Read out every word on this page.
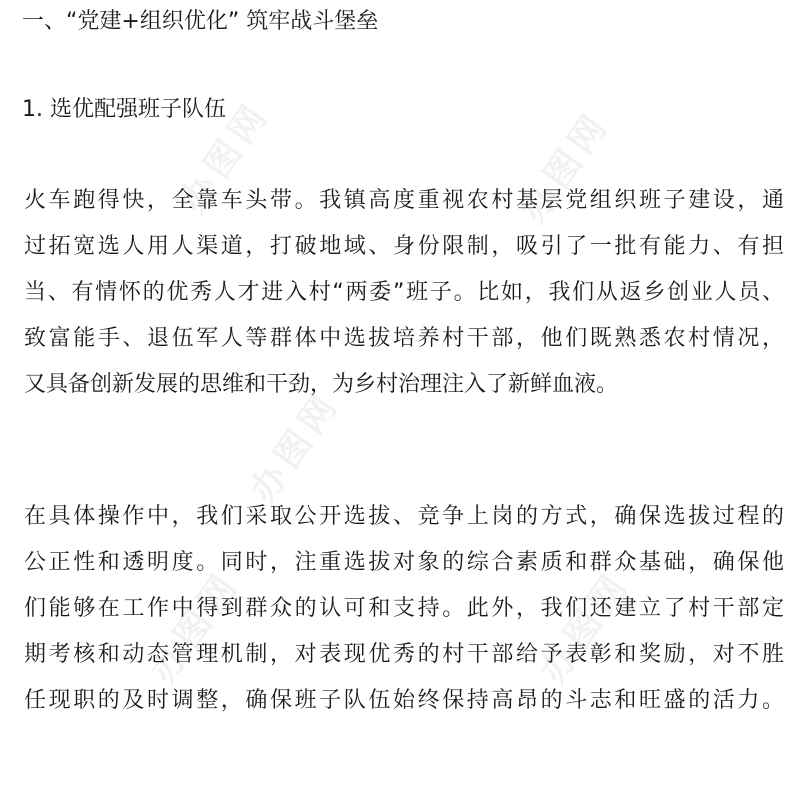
办图网	办图网
办图网
办图网
办图网
一、“党建+组织优化” 筑牢战斗堡垒
1. 选优配强班子队伍

火车跑得快，全靠车头带。我镇高度重视农村基层党组织班子建设，通
过拓宽选人用人渠道，打破地域、身份限制，吸引了一批有能力、有担
当、有情怀的优秀人才进入村“两委”班子。比如，我们从返乡创业人员、
致富能手、退伍军人等群体中选拔培养村干部，他们既熟悉农村情况，
又具备创新发展的思维和干劲，为乡村治理注入了新鲜血液。

在具体操作中，我们采取公开选拔、竞争上岗的方式，确保选拔过程的
公正性和透明度。同时，注重选拔对象的综合素质和群众基础，确保他
们能够在工作中得到群众的认可和支持。此外，我们还建立了村干部定
期考核和动态管理机制，对表现优秀的村干部给予表彰和奖励，对不胜
任现职的及时调整，确保班子队伍始终保持高昂的斗志和旺盛的活力。
